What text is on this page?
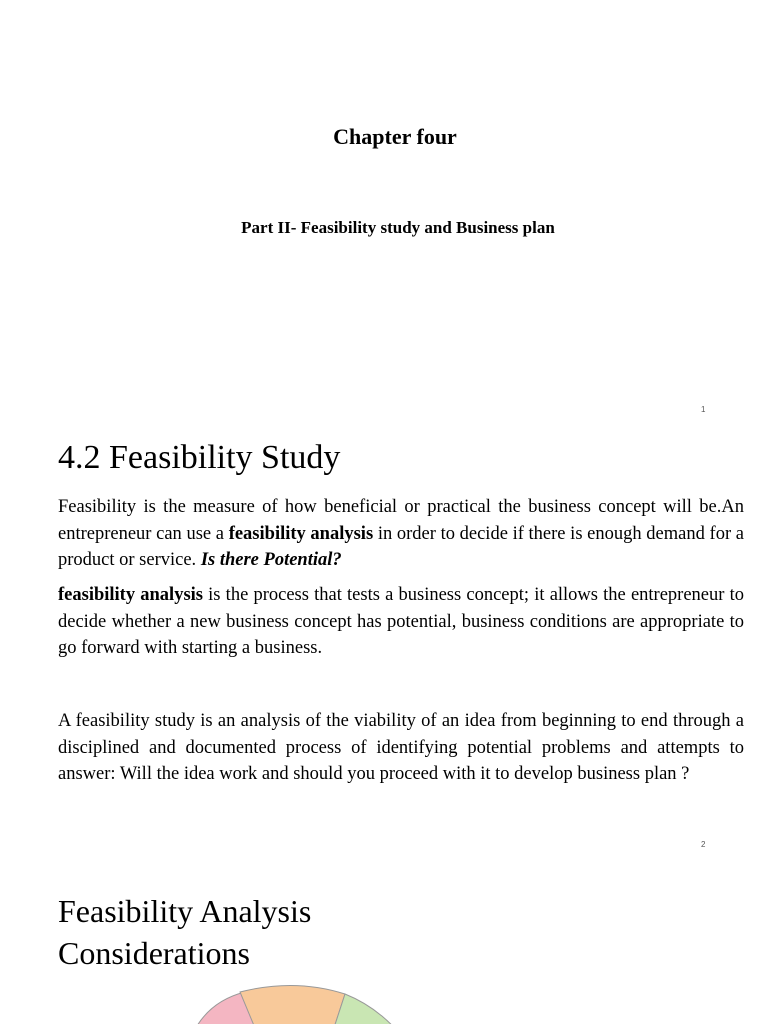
Chapter four
Part II- Feasibility study and Business plan
1
4.2 Feasibility Study

Feasibility is the measure of how beneficial or practical the business concept will be.An entrepreneur can use a feasibility analysis in order to decide if there is enough demand for a product or service. Is there Potential?

feasibility analysis is the process that tests a business concept; it allows the entrepreneur to decide whether a new business concept has potential, business conditions are appropriate to go forward with starting a business.

A feasibility study is an analysis of the viability of an idea from beginning to end through a disciplined and documented process of identifying potential problems and attempts to answer: Will the idea work and should you proceed with it to develop business plan ?

2
Feasibility Analysis
Considerations
